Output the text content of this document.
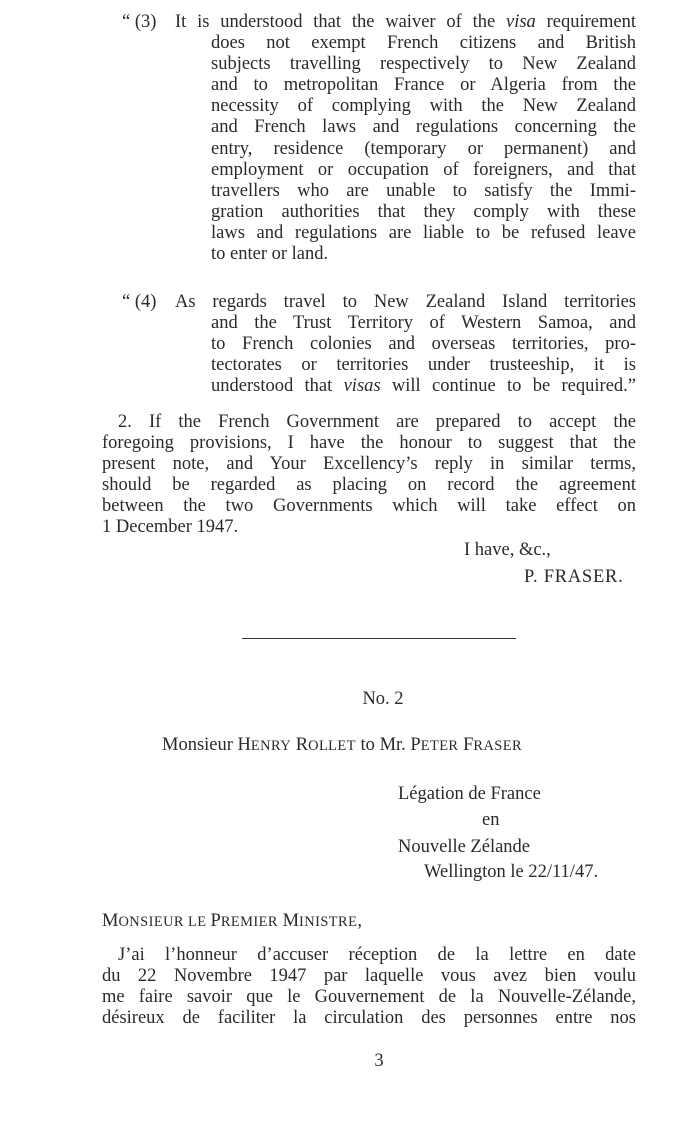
“ (3) It is understood that the waiver of the visa requirement
does not exempt French citizens and British
subjects travelling respectively to New Zealand
and to metropolitan France or Algeria from the
necessity of complying with the New Zealand
and French laws and regulations concerning the
entry, residence (temporary or permanent) and
employment or occupation of foreigners, and that
travellers who are unable to satisfy the Immi-
gration authorities that they comply with these
laws and regulations are liable to be refused leave
to enter or land.
“ (4) As regards travel to New Zealand Island territories
and the Trust Territory of Western Samoa, and
to French colonies and overseas territories, pro-
tectorates or territories under trusteeship, it is
understood that visas will continue to be required.”
2. If the French Government are prepared to accept the
foregoing provisions, I have the honour to suggest that the
present note, and Your Excellency’s reply in similar terms,
should be regarded as placing on record the agreement
between the two Governments which will take effect on
1 December 1947.
I have, &c.,
P. FRASER.
No. 2
Monsieur HENRY ROLLET to Mr. PETER FRASER
Légation de France
en
Nouvelle Zélande
Wellington le 22/11/47.
MONSIEUR LE PREMIER MINISTRE,
J’ai l’honneur d’accuser réception de la lettre en date
du 22 Novembre 1947 par laquelle vous avez bien voulu
me faire savoir que le Gouvernement de la Nouvelle-Zélande,
désireux de faciliter la circulation des personnes entre nos
3
